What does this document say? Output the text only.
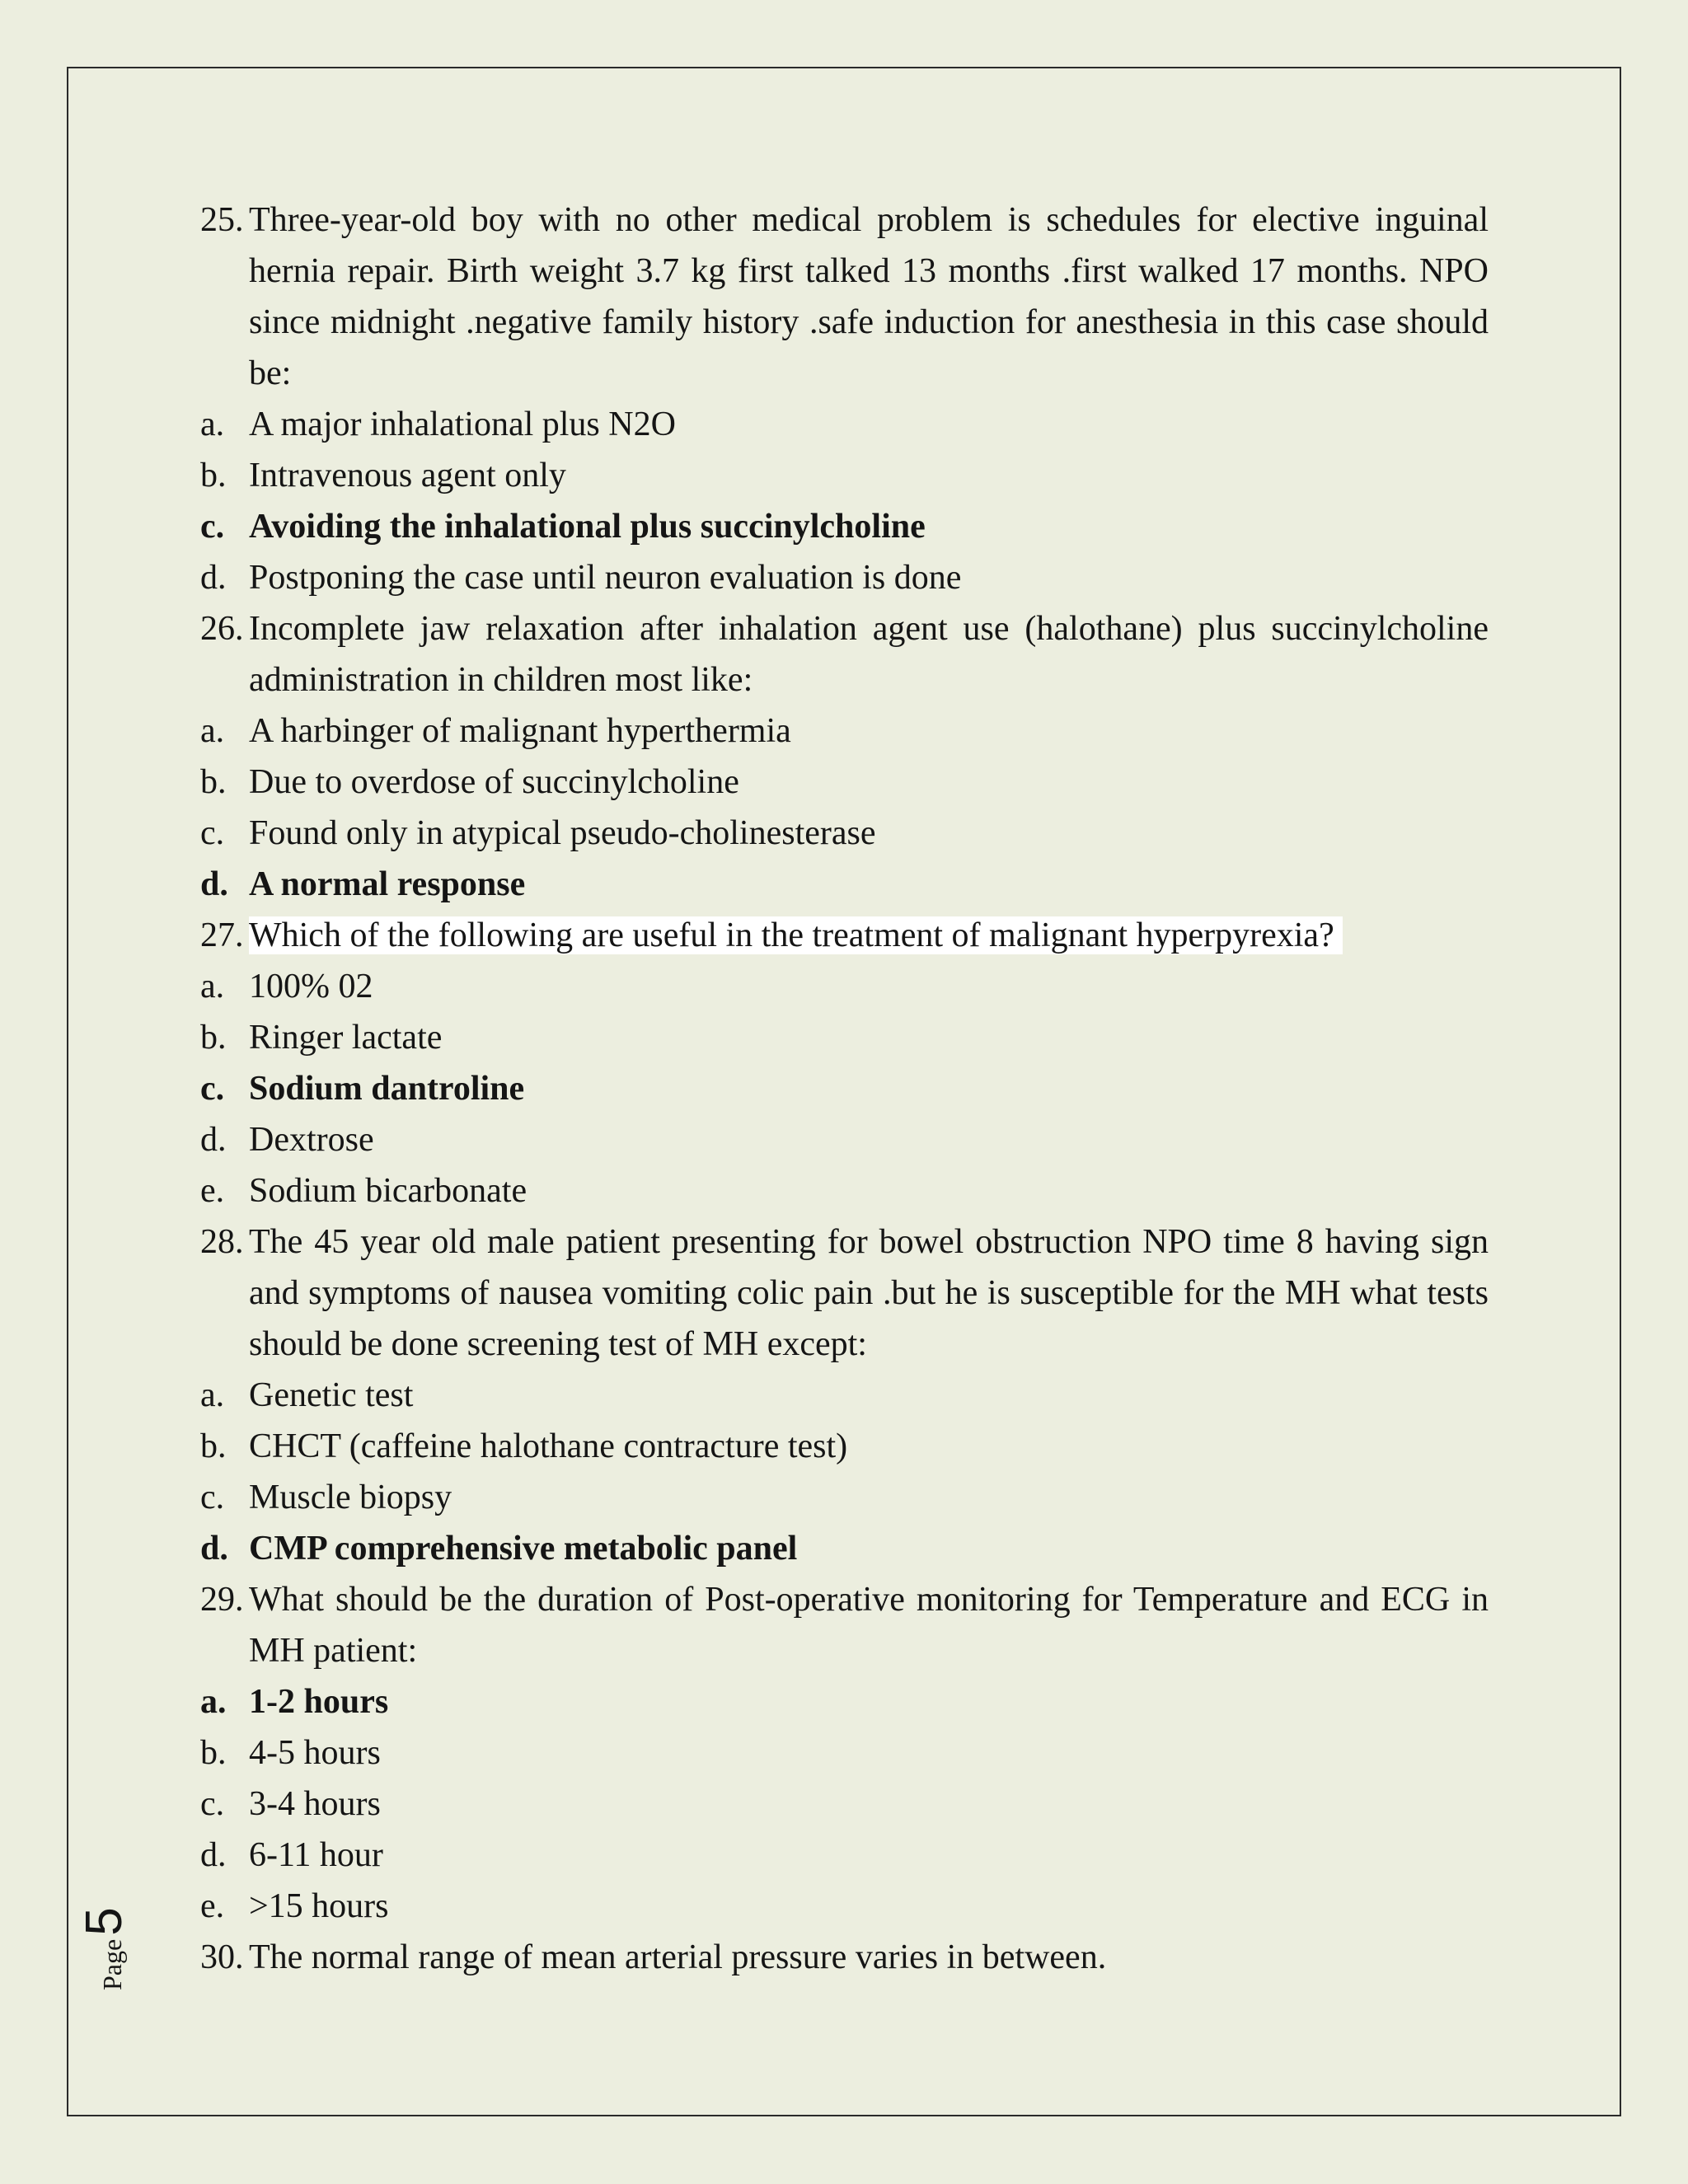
25. Three-year-old boy with no other medical problem is schedules for elective inguinal hernia repair. Birth weight 3.7 kg first talked 13 months .first walked 17 months. NPO since midnight .negative family history .safe induction for anesthesia in this case should be:
a. A major inhalational plus N2O
b. Intravenous agent only
c. Avoiding the inhalational plus succinylcholine
d. Postponing the case until neuron evaluation is done
26. Incomplete jaw relaxation after inhalation agent use (halothane) plus succinylcholine administration in children most like:
a. A harbinger of malignant hyperthermia
b. Due to overdose of succinylcholine
c. Found only in atypical pseudo-cholinesterase
d. A normal response
27. Which of the following are useful in the treatment of malignant hyperpyrexia?
a. 100% 02
b. Ringer lactate
c. Sodium dantroline
d. Dextrose
e. Sodium bicarbonate
28. The 45 year old male patient presenting for bowel obstruction NPO time 8 having sign and symptoms of nausea vomiting colic pain .but he is susceptible for the MH what tests should be done screening test of MH except:
a. Genetic test
b. CHCT (caffeine halothane contracture test)
c. Muscle biopsy
d. CMP comprehensive metabolic panel
29. What should be the duration of Post-operative monitoring for Temperature and ECG in MH patient:
a. 1-2 hours
b. 4-5 hours
c. 3-4 hours
d. 6-11 hour
e. >15 hours
30. The normal range of mean arterial pressure varies in between.
Page
5
